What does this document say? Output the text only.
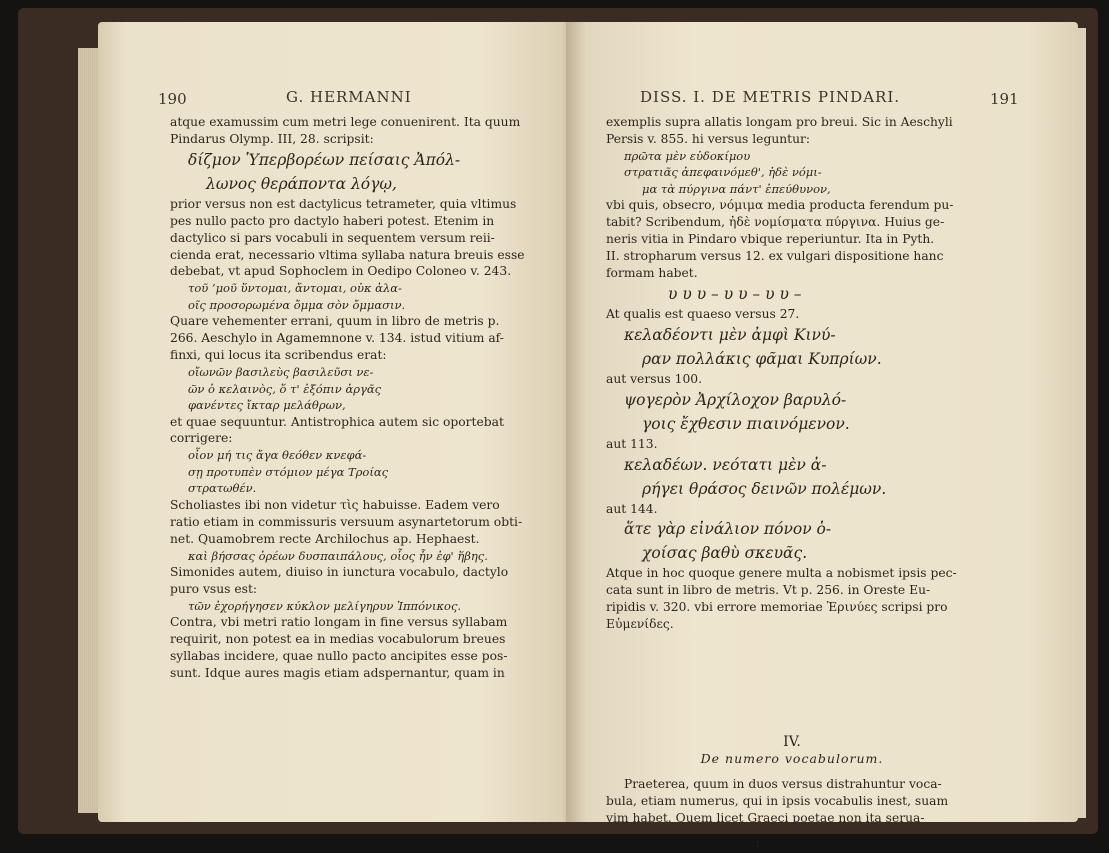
190	G. HERMANNI
atque examussim cum metri lege conuenirent. Ita quum
Pindarus Olymp. III, 28. scripsit:
δίζμον Ὑπερβορέων πείσαις Ἀπόλ-
λωνος θεράποντα λόγῳ,
prior versus non est dactylicus tetrameter, quia vltimus
pes nullo pacto pro dactylo haberi potest. Etenim in
dactylico si pars vocabuli in sequentem versum reii-
cienda erat, necessario vltima syllaba natura breuis esse
debebat, vt apud Sophoclem in Oedipo Coloneo v. 243.
τοῦ ’μοῦ ὕντομαι, ἄντομαι, οὐκ ἀλα-
οῖς προσορωμένα ὄμμα σὸν ὄμμασιν.
Quare vehementer errani, quum in libro de metris p.
266. Aeschylo in Agamemnone v. 134. istud vitium af-
finxi, qui locus ita scribendus erat:
οἴωνῶν βασιλεὺς βασιλεῦσι νε-
ῶν ὁ κελαινὸς, ὅ τ' ἐξόπιν ἀργᾶς
φανέντες ἴκταρ μελάθρων,
et quae sequuntur. Antistrophica autem sic oportebat
corrigere:
οἷον μή τις ἄγα θεόθεν κνεφά-
σῃ προτυπὲν στόμιον μέγα Τροίας
στρατωθέν.
Scholiastes ibi non videtur τὶς habuisse. Eadem vero
ratio etiam in commissuris versuum asynartetorum obti-
net. Quamobrem recte Archilochus ap. Hephaest.
καὶ βήσσας ὀρέων δυσπαιπάλους, οἷος ἦν ἐφ' ἥβης.
Simonides autem, diuiso in iunctura vocabulo, dactylo
puro vsus est:
τῶν ἐχορήγησεν κύκλον μελίγηρυν Ἱππόνικος.
Contra, vbi metri ratio longam in fine versus syllabam
requirit, non potest ea in medias vocabulorum breues
syllabas incidere, quae nullo pacto ancipites esse pos-
sunt. Idque aures magis etiam adspernantur, quam in
DISS. I. DE METRIS PINDARI.	191
exemplis supra allatis longam pro breui. Sic in Aeschyli
Persis v. 855. hi versus leguntur:
πρῶτα μὲν εὐδοκίμου
στρατιᾶς ἀπεφαινόμεθ', ἠδὲ νόμι-
μα τὰ πύργινα πάντ' ἐπεύθυνον,
vbi quis, obsecro, νόμιμα media producta ferendum pu-
tabit? Scribendum, ἠδὲ νομίσματα πύργινα. Huius ge-
neris vitia in Pindaro vbique reperiuntur. Ita in Pyth.
II. stropharum versus 12. ex vulgari dispositione hanc
formam habet.
υ υ υ – υ υ – υ υ –
At qualis est quaeso versus 27.
κελαδέοντι μὲν ἀμφὶ Κινύ-
ραν πολλάκις φᾶμαι Κυπρίων.
aut versus 100.
ψογερὸν Ἀρχίλοχον βαρυλό-
γοις ἔχθεσιν πιαινόμενον.
aut 113.
κελαδέων. νεότατι μὲν ἀ-
ρήγει θράσος δεινῶν πολέμων.
aut 144.
ἅτε γὰρ εἰνάλιον πόνον ὁ-
χοίσας βαθὺ σκευᾶς.
Atque in hoc quoque genere multa a nobismet ipsis pec-
cata sunt in libro de metris. Vt p. 256. in Oreste Eu-
ripidis v. 320. vbi errore memoriae Ἐρινύες scripsi pro
Εὐμενίδες.
IV.
De numero vocabulorum.
Praeterea, quum in duos versus distrahuntur voca-
bula, etiam numerus, qui in ipsis vocabulis inest, suam
vim habet. Quem licet Graeci poetae non ita serua-
:
